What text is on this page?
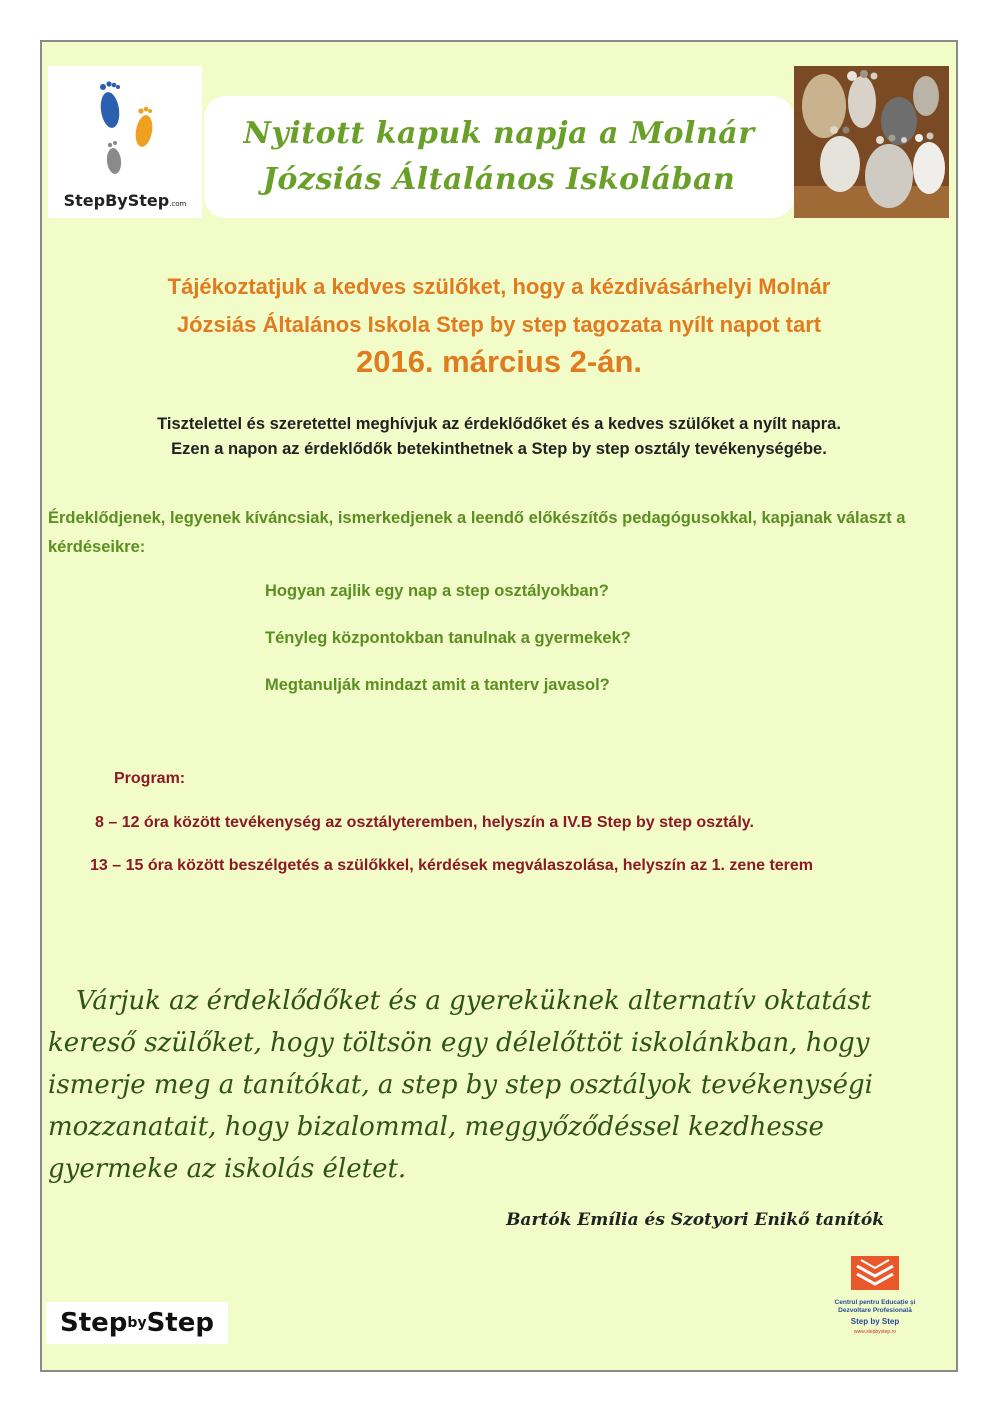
StepByStep.com
Nyitott kapuk napja a Molnár
Józsiás Általános Iskolában
Tájékoztatjuk a kedves szülőket, hogy a kézdivásárhelyi Molnár
Józsiás Általános Iskola Step by step tagozata nyílt napot tart
2016. március 2-án.
Tisztelettel és szeretettel meghívjuk az érdeklődőket és a kedves szülőket a nyílt napra.
Ezen a napon az érdeklődők betekinthetnek a Step by step osztály tevékenységébe.
Érdeklődjenek, legyenek kíváncsiak, ismerkedjenek a leendő előkészítős pedagógusokkal, kapjanak választ a kérdéseikre:
Hogyan zajlik egy nap a step osztályokban?
Tényleg központokban tanulnak a gyermekek?
Megtanulják mindazt amit a tanterv javasol?
Program:
8 – 12 óra között tevékenység az osztályteremben, helyszín a IV.B Step by step osztály.
13 – 15 óra között beszélgetés a szülőkkel, kérdések megválaszolása, helyszín az 1. zene terem
Várjuk az érdeklődőket és a gyereküknek alternatív oktatást kereső szülőket, hogy töltsön egy délelőttöt iskolánkban, hogy ismerje meg a tanítókat, a step by step osztályok tevékenységi mozzanatait, hogy bizalommal, meggyőződéssel kezdhesse gyermeke az iskolás életet.
Bartók Emília és Szotyori Enikő tanítók
Step by Step
Centrul pentru Educație și Dezvoltare Profesională
Step by Step
www.stepbystep.ro
